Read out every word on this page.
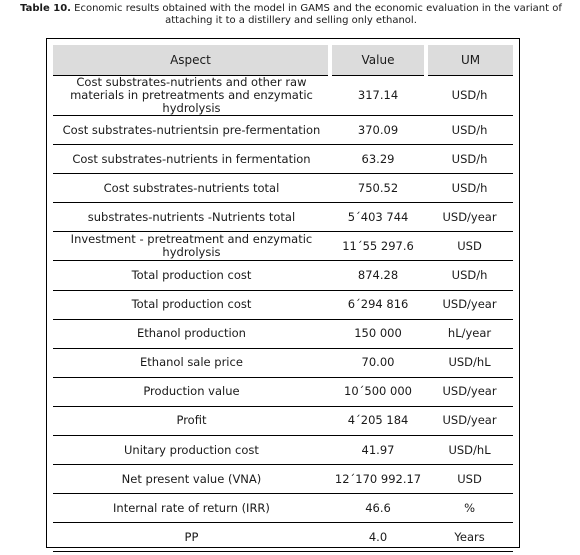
Table 10. Economic results obtained with the model in GAMS and the economic evaluation in the variant of attaching it to a distillery and selling only ethanol.
Aspect	Value	UM
Cost substrates-nutrients and other raw materials in pretreatments and enzymatic hydrolysis	317.14	USD/h
Cost substrates-nutrientsin pre-fermentation	370.09	USD/h
Cost substrates-nutrients in fermentation	63.29	USD/h
Cost substrates-nutrients total	750.52	USD/h
substrates-nutrients -Nutrients total	5´403 744	USD/year
Investment - pretreatment and enzymatic hydrolysis	11´55 297.6	USD
Total production cost	874.28	USD/h
Total production cost	6´294 816	USD/year
Ethanol production	150 000	hL/year
Ethanol sale price	70.00	USD/hL
Production value	10´500 000	USD/year
Profit	4´205 184	USD/year
Unitary production cost	41.97	USD/hL
Net present value (VNA)	12´170 992.17	USD
Internal rate of return (IRR)	46.6	%
PP	4.0	Years
